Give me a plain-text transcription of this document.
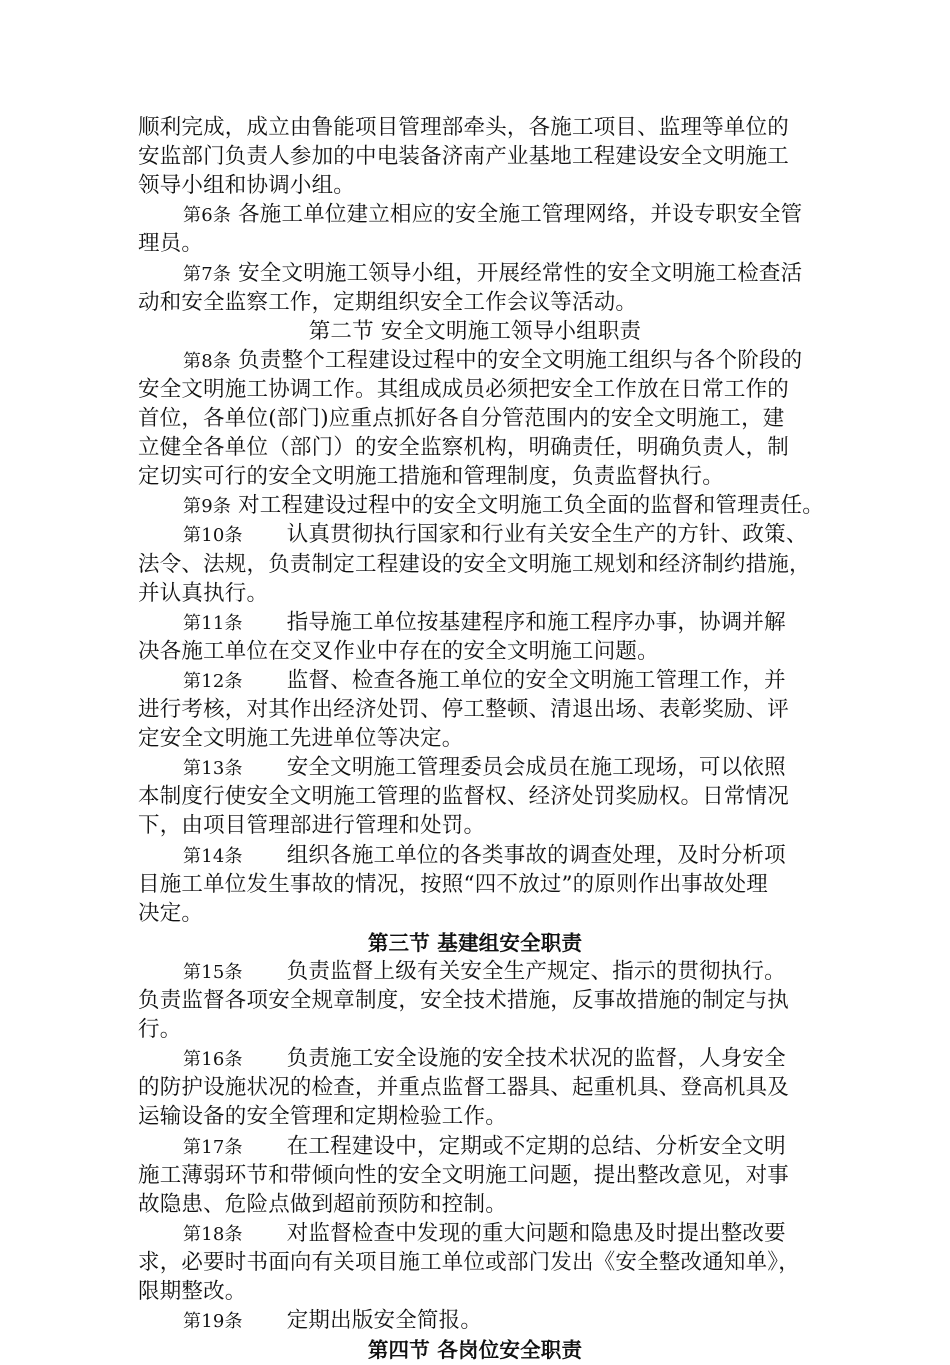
顺利完成，成立由鲁能项目管理部牵头，各施工项目、监理等单位的
安监部门负责人参加的中电装备济南产业基地工程建设安全文明施工
领导小组和协调小组。
第6条 各施工单位建立相应的安全施工管理网络，并设专职安全管
理员。
第7条 安全文明施工领导小组，开展经常性的安全文明施工检查活
动和安全监察工作，定期组织安全工作会议等活动。
第二节 安全文明施工领导小组职责
第8条 负责整个工程建设过程中的安全文明施工组织与各个阶段的
安全文明施工协调工作。其组成成员必须把安全工作放在日常工作的
首位，各单位(部门)应重点抓好各自分管范围内的安全文明施工，建
立健全各单位（部门）的安全监察机构，明确责任，明确负责人，制
定切实可行的安全文明施工措施和管理制度，负责监督执行。
第9条 对工程建设过程中的安全文明施工负全面的监督和管理责任。
第10条 认真贯彻执行国家和行业有关安全生产的方针、政策、
法令、法规，负责制定工程建设的安全文明施工规划和经济制约措施，
并认真执行。
第11条 指导施工单位按基建程序和施工程序办事，协调并解
决各施工单位在交叉作业中存在的安全文明施工问题。
第12条 监督、检查各施工单位的安全文明施工管理工作，并
进行考核，对其作出经济处罚、停工整顿、清退出场、表彰奖励、评
定安全文明施工先进单位等决定。
第13条 安全文明施工管理委员会成员在施工现场，可以依照
本制度行使安全文明施工管理的监督权、经济处罚奖励权。日常情况
下，由项目管理部进行管理和处罚。
第14条 组织各施工单位的各类事故的调查处理，及时分析项
目施工单位发生事故的情况，按照“四不放过”的原则作出事故处理
决定。
第三节 基建组安全职责
第15条 负责监督上级有关安全生产规定、指示的贯彻执行。
负责监督各项安全规章制度，安全技术措施，反事故措施的制定与执
行。
第16条 负责施工安全设施的安全技术状况的监督，人身安全
的防护设施状况的检查，并重点监督工器具、起重机具、登高机具及
运输设备的安全管理和定期检验工作。
第17条 在工程建设中，定期或不定期的总结、分析安全文明
施工薄弱环节和带倾向性的安全文明施工问题，提出整改意见，对事
故隐患、危险点做到超前预防和控制。
第18条 对监督检查中发现的重大问题和隐患及时提出整改要
求，必要时书面向有关项目施工单位或部门发出《安全整改通知单》，
限期整改。
第19条 定期出版安全简报。
第四节 各岗位安全职责
